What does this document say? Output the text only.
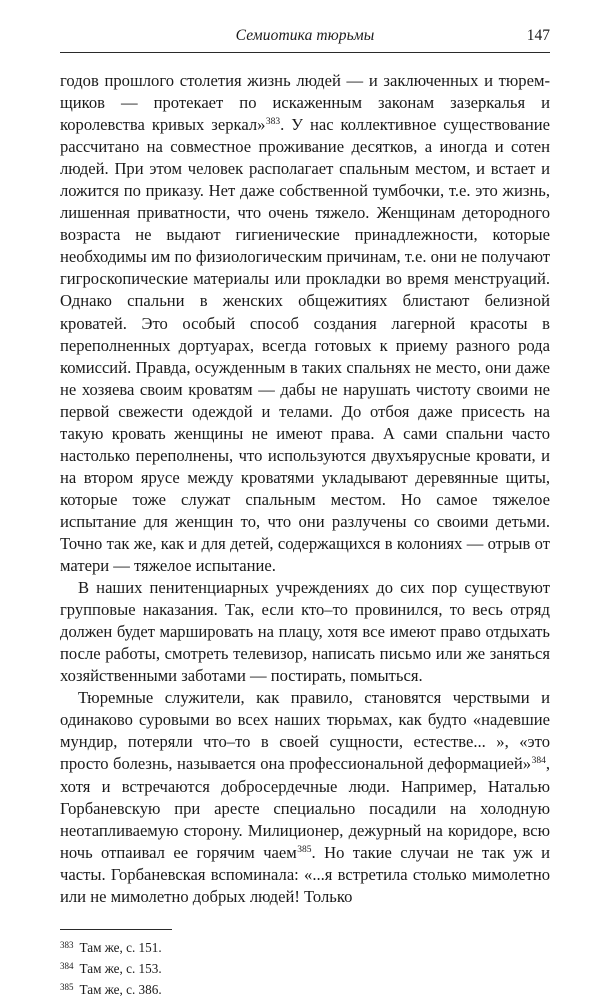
Семиотика тюрьмы	147

годов прошлого столетия жизнь людей — и заключенных и тюремщиков — протекает по искаженным законам зазеркалья и королевства кривых зеркал»$^{383}$. У нас коллективное существование рассчитано на совместное проживание десятков, а иногда и сотен людей. При этом человек располагает спальным местом, и встает и ложится по приказу. Нет даже собственной тумбочки, т.е. это жизнь, лишенная приватности, что очень тяжело. Женщинам детородного возраста не выдают гигиенические принадлежности, которые необходимы им по физиологическим причинам, т.е. они не получают гигроскопические материалы или прокладки во время менструаций. Однако спальни в женских общежитиях блистают белизной кроватей. Это особый способ создания лагерной красоты в переполненных дортуарах, всегда готовых к приему разного рода комиссий. Правда, осужденным в таких спальнях не место, они даже не хозяева своим кроватям — дабы не нарушать чистоту своими не первой свежести одеждой и телами. До отбоя даже присесть на такую кровать женщины не имеют права. А сами спальни часто настолько переполнены, что используются двухъярусные кровати, и на втором ярусе между кроватями укладывают деревянные щиты, которые тоже служат спальным местом. Но самое тяжелое испытание для женщин то, что они разлучены со своими детьми. Точно так же, как и для детей, содержащихся в колониях — отрыв от матери — тяжелое испытание.

В наших пенитенциарных учреждениях до сих пор существуют групповые наказания. Так, если кто–то провинился, то весь отряд должен будет маршировать на плацу, хотя все имеют право отдыхать после работы, смотреть телевизор, написать письмо или же заняться хозяйственными заботами — постирать, помыться.

Тюремные служители, как правило, становятся черствыми и одинаково суровыми во всех наших тюрьмах, как будто «надевшие мундир, потеряли что–то в своей сущности, естестве... », «это просто болезнь, называется она профессиональной деформацией»$^{384}$, хотя и встречаются добросердечные люди. Например, Наталью Горбаневскую при аресте специально посадили на холодную неотапливаемую сторону. Милиционер, дежурный на коридоре, всю ночь отпаивал ее горячим чаем$^{385}$. Но такие случаи не так уж и часты. Горбаневская вспоминала: «...я встретила столько мимолетно или не мимолетно добрых людей! Только

$^{383}$ Там же, с. 151.
$^{384}$ Там же, с. 153.
$^{385}$ Там же, с. 386.
